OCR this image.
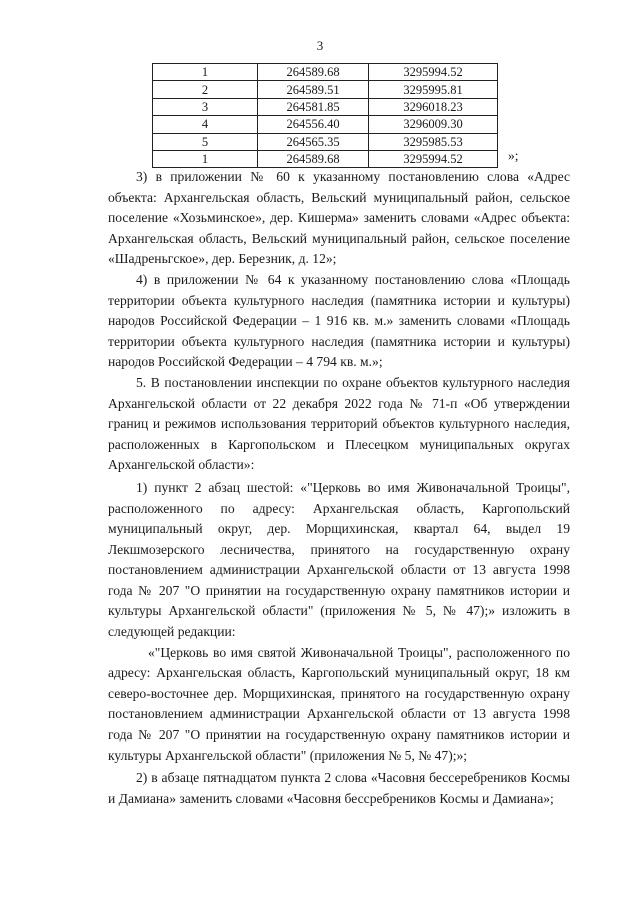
3
1	264589.68	3295994.52
2	264589.51	3295995.81
3	264581.85	3296018.23
4	264556.40	3296009.30
5	264565.35	3295985.53
1	264589.68	3295994.52	»;

3) в приложении № 60 к указанному постановлению слова «Адрес объекта: Архангельская область, Вельский муниципальный район, сельское поселение «Хозьминское», дер. Кишерма» заменить словами «Адрес объекта: Архангельская область, Вельский муниципальный район, сельское поселение «Шадреньгское», дер. Березник, д. 12»;

4) в приложении № 64 к указанному постановлению слова «Площадь территории объекта культурного наследия (памятника истории и культуры) народов Российской Федерации – 1 916 кв. м.» заменить словами «Площадь территории объекта культурного наследия (памятника истории и культуры) народов Российской Федерации – 4 794 кв. м.»;

5. В постановлении инспекции по охране объектов культурного наследия Архангельской области от 22 декабря 2022 года № 71-п «Об утверждении границ и режимов использования территорий объектов культурного наследия, расположенных в Каргопольском и Плесецком муниципальных округах Архангельской области»:

1) пункт 2 абзац шестой: «"Церковь во имя Живоначальной Троицы", расположенного по адресу: Архангельская область, Каргопольский муниципальный округ, дер. Морщихинская, квартал 64, выдел 19 Лекшмозерского лесничества, принятого на государственную охрану постановлением администрации Архангельской области от 13 августа 1998 года № 207 "О принятии на государственную охрану памятников истории и культуры Архангельской области" (приложения № 5, № 47);» изложить в следующей редакции:

«"Церковь во имя святой Живоначальной Троицы", расположенного по адресу: Архангельская область, Каргопольский муниципальный округ, 18 км северо-восточнее дер. Морщихинская, принятого на государственную охрану постановлением администрации Архангельской области от 13 августа 1998 года № 207 "О принятии на государственную охрану памятников истории и культуры Архангельской области" (приложения № 5, № 47);»;

2) в абзаце пятнадцатом пункта 2 слова «Часовня бессеребреников Космы и Дамиана» заменить словами «Часовня бессребреников Космы и Дамиана»;
